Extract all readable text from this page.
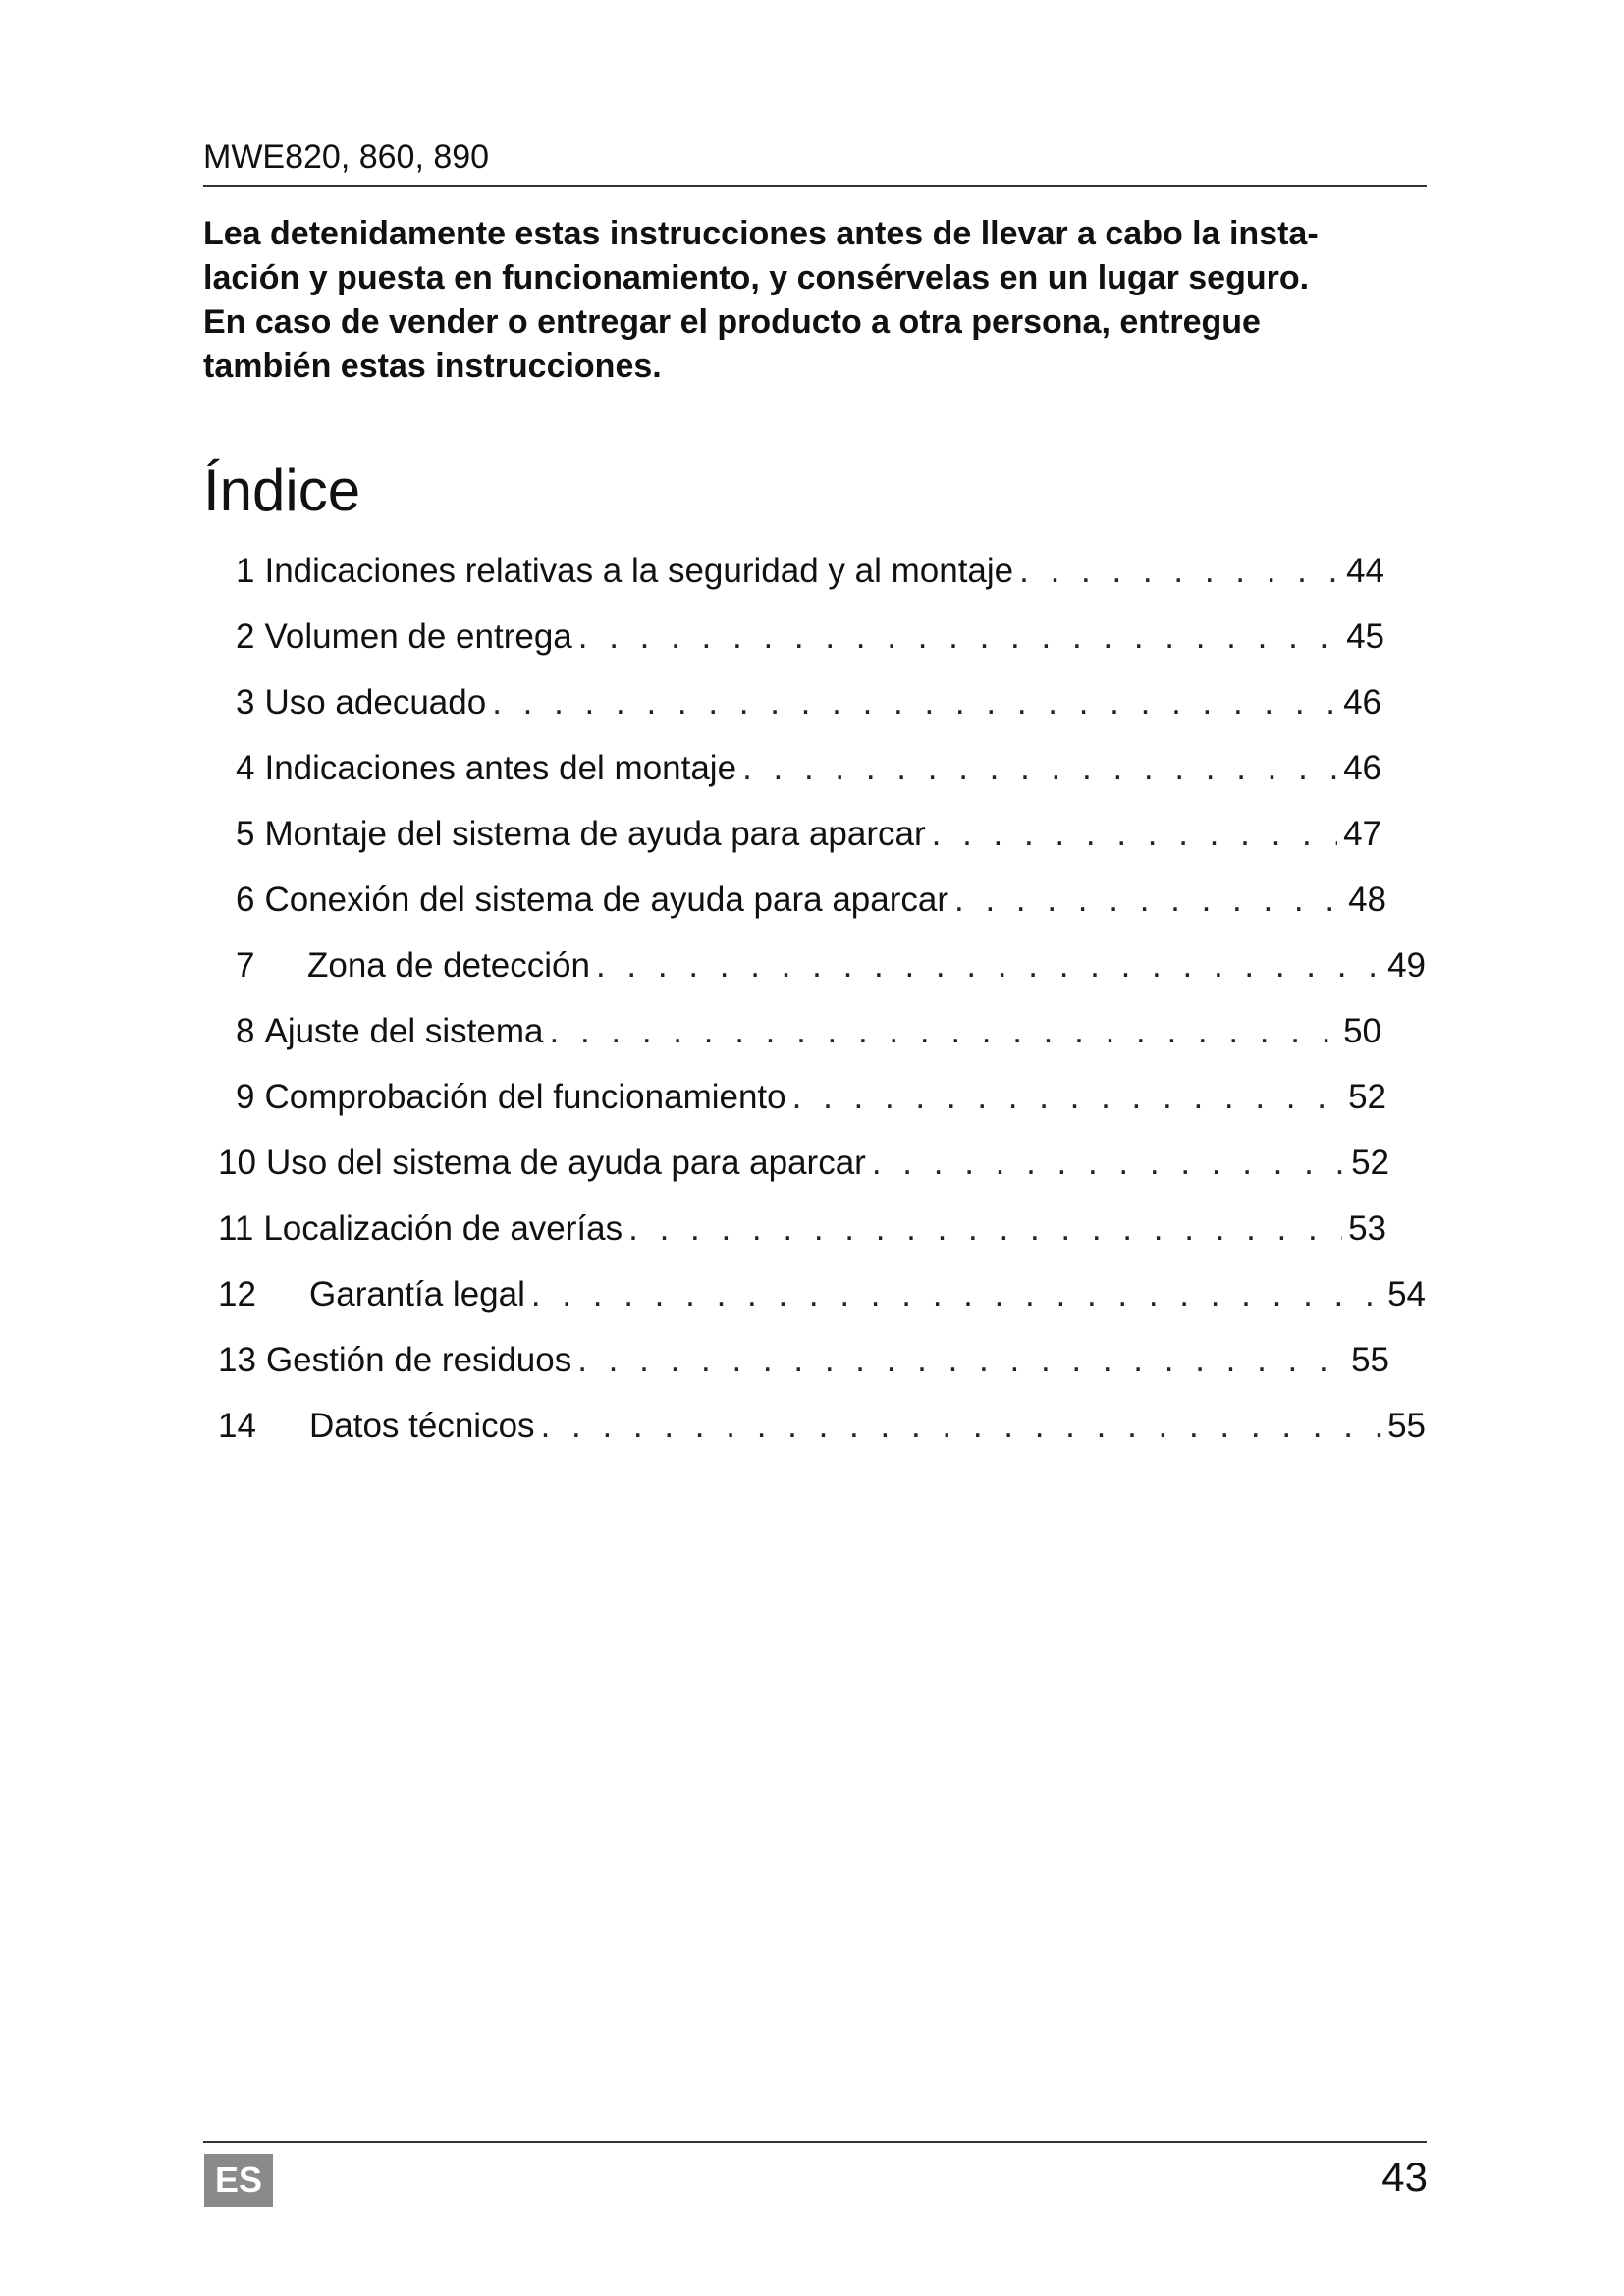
MWE820, 860, 890

Lea detenidamente estas instrucciones antes de llevar a cabo la insta-

lación y puesta en funcionamiento, y consérvelas en un lugar seguro.

En caso de vender o entregar el producto a otra persona, entregue

también estas instrucciones.

Índice
1 Indicaciones relativas a la seguridad y al montaje . . .	44
2 Volumen de entrega . . .	45
3 Uso adecuado . . .	46
4 Indicaciones antes del montaje . . .	46
5 Montaje del sistema de ayuda para aparcar . . .	47
6 Conexión del sistema de ayuda para aparcar . . .	48
7	Zona de detección . . .	49
8 Ajuste del sistema . . .	50
9 Comprobación del funcionamiento . . .	52
10 Uso del sistema de ayuda para aparcar . . .	52
11 Localización de averías . . .	53
12	Garantía legal . . .	54
13 Gestión de residuos . . .	55
14	Datos técnicos . . .	55
ES	43
